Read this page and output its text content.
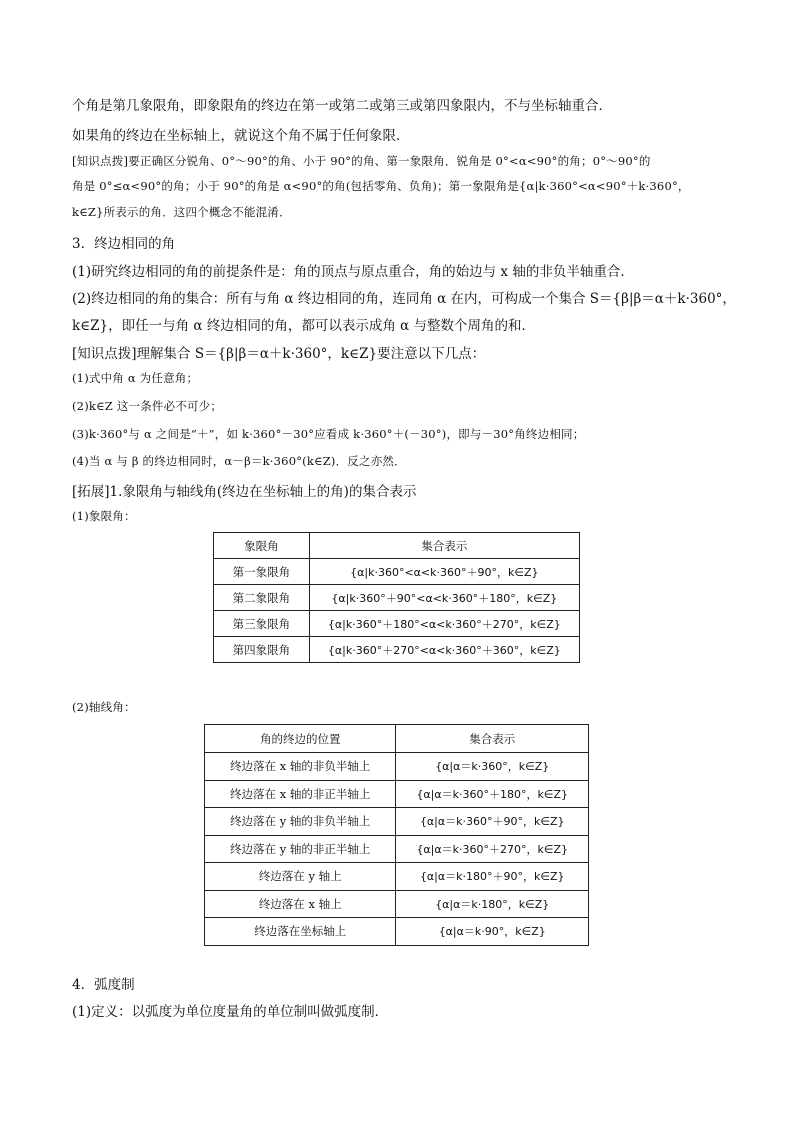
个角是第几象限角，即象限角的终边在第一或第二或第三或第四象限内，不与坐标轴重合．
如果角的终边在坐标轴上，就说这个角不属于任何象限．
[知识点拨]要正确区分锐角、0°～90°的角、小于 90°的角、第一象限角．锐角是 0°<α<90°的角；0°～90°的
角是 0°≤α<90°的角；小于 90°的角是 α<90°的角(包括零角、负角)；第一象限角是{α|k·360°<α<90°＋k·360°，
k∈Z}所表示的角．这四个概念不能混淆．
3．终边相同的角
(1)研究终边相同的角的前提条件是：角的顶点与原点重合，角的始边与 x 轴的非负半轴重合．
(2)终边相同的角的集合：所有与角 α 终边相同的角，连同角 α 在内，可构成一个集合 S＝{β|β＝α＋k·360°，
k∈Z}，即任一与角 α 终边相同的角，都可以表示成角 α 与整数个周角的和．
[知识点拨]理解集合 S＝{β|β＝α＋k·360°，k∈Z}要注意以下几点：
(1)式中角 α 为任意角；
(2)k∈Z 这一条件必不可少；
(3)k·360°与 α 之间是“＋”，如 k·360°－30°应看成 k·360°＋(－30°)，即与－30°角终边相同；
(4)当 α 与 β 的终边相同时，α－β＝k·360°(k∈Z)．反之亦然．
[拓展]1.象限角与轴线角(终边在坐标轴上的角)的集合表示
(1)象限角：
象限角	集合表示
第一象限角	{α|k·360°<α<k·360°＋90°，k∈Z}
第二象限角	{α|k·360°＋90°<α<k·360°＋180°，k∈Z}
第三象限角	{α|k·360°＋180°<α<k·360°＋270°，k∈Z}
第四象限角	{α|k·360°＋270°<α<k·360°＋360°，k∈Z}
(2)轴线角：
角的终边的位置	集合表示
终边落在 x 轴的非负半轴上	{α|α＝k·360°，k∈Z}
终边落在 x 轴的非正半轴上	{α|α＝k·360°＋180°，k∈Z}
终边落在 y 轴的非负半轴上	{α|α＝k·360°＋90°，k∈Z}
终边落在 y 轴的非正半轴上	{α|α＝k·360°＋270°，k∈Z}
终边落在 y 轴上	{α|α＝k·180°＋90°，k∈Z}
终边落在 x 轴上	{α|α＝k·180°，k∈Z}
终边落在坐标轴上	{α|α＝k·90°，k∈Z}
4．弧度制
(1)定义：以弧度为单位度量角的单位制叫做弧度制．
